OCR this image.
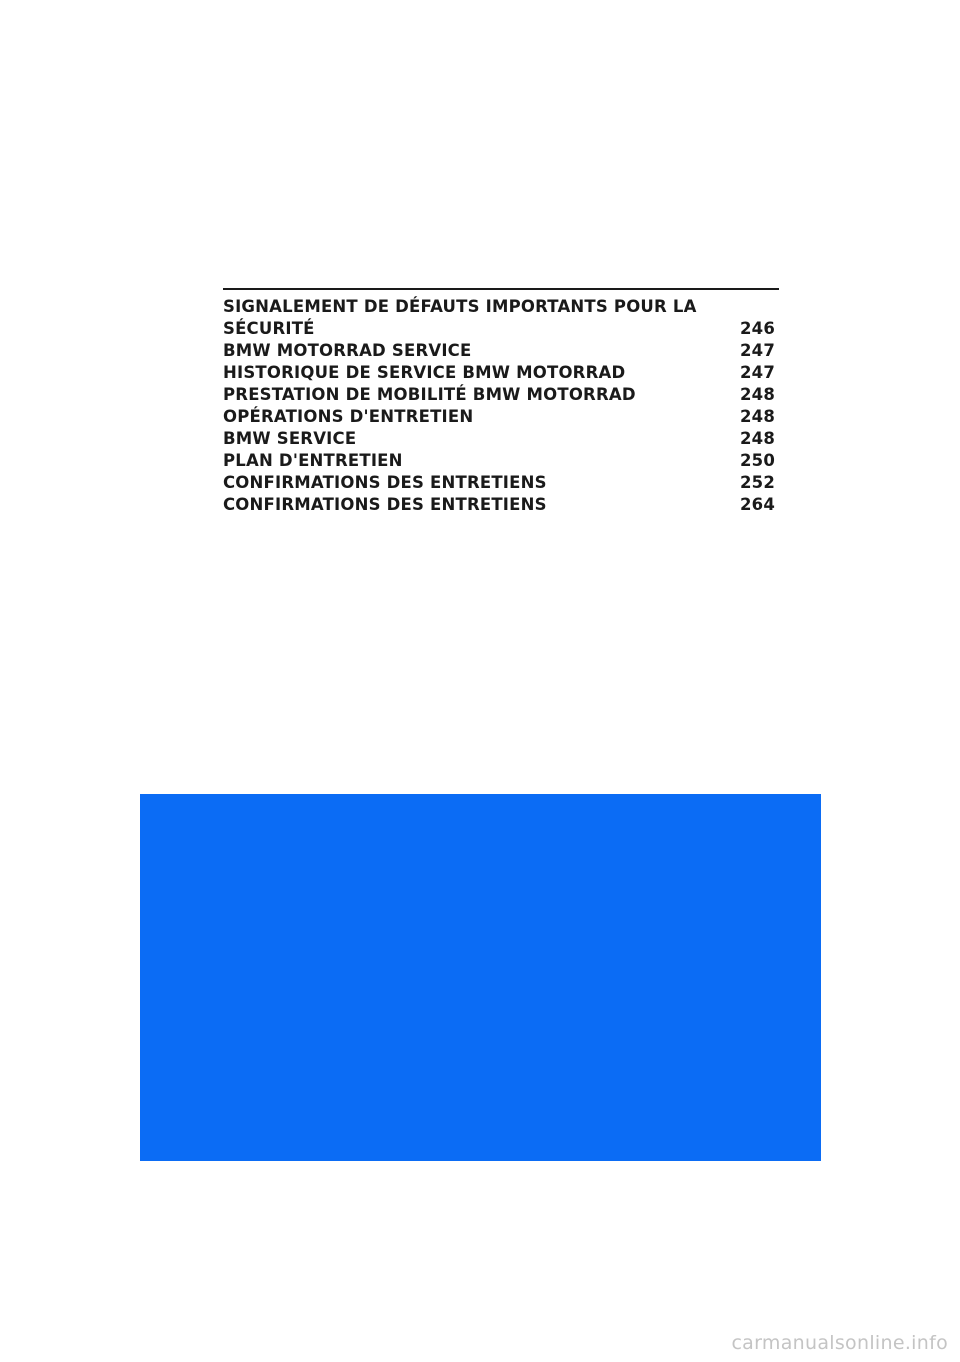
SIGNALEMENT DE DÉFAUTS IMPORTANTS POUR LA SÉCURITÉ	246
BMW MOTORRAD SERVICE	247
HISTORIQUE DE SERVICE BMW MOTORRAD	247
PRESTATION DE MOBILITÉ BMW MOTORRAD	248
OPÉRATIONS D'ENTRETIEN	248
BMW SERVICE	248
PLAN D'ENTRETIEN	250
CONFIRMATIONS DES ENTRETIENS	252
CONFIRMATIONS DES ENTRETIENS	264
carmanualsonline.info
